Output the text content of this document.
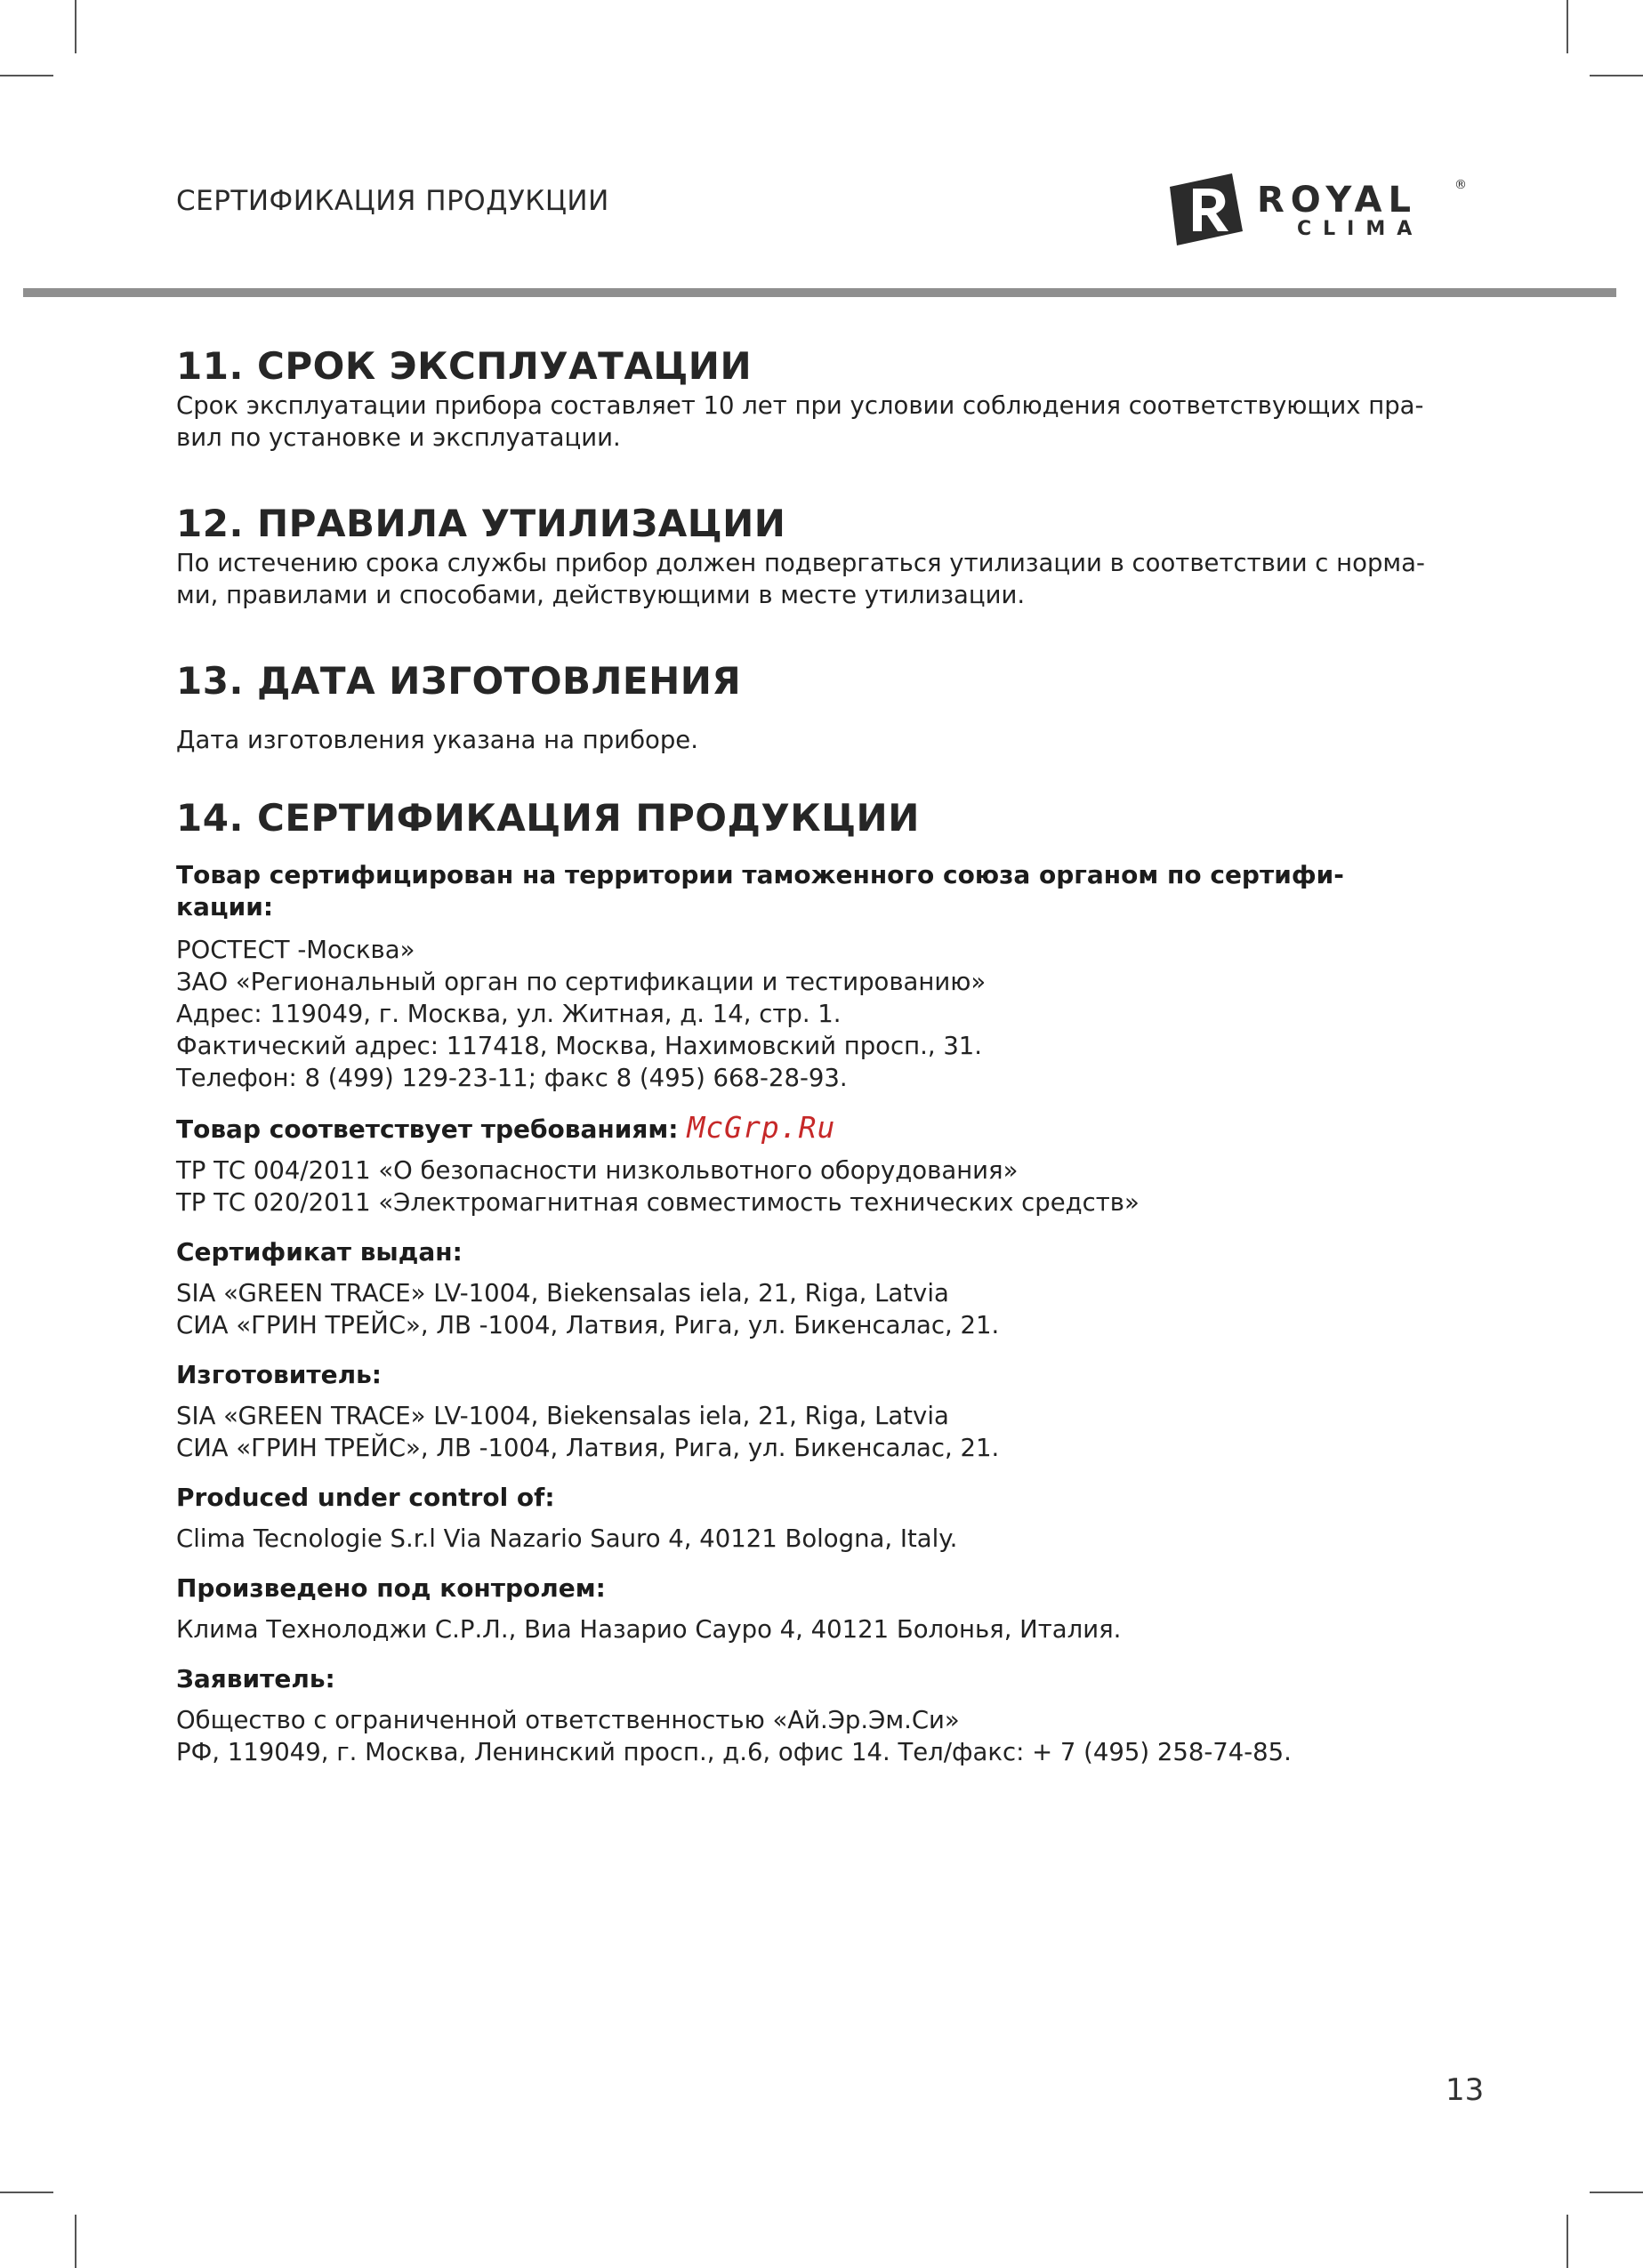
СЕРТИФИКАЦИЯ ПРОДУКЦИИ	ROYAL	®
CLIMA
11. СРОК ЭКСПЛУАТАЦИИ

Срок эксплуатации прибора составляет 10 лет при условии соблюдения соответствующих пра-

вил по установке и эксплуатации.

12. ПРАВИЛА УТИЛИЗАЦИИ

По истечению срока службы прибор должен подвергаться утилизации в соответствии с норма-

ми, правилами и способами, действующими в месте утилизации.

13. ДАТА ИЗГОТОВЛЕНИЯ

Дата изготовления указана на приборе.

14. СЕРТИФИКАЦИЯ ПРОДУКЦИИ

Товар сертифицирован на территории таможенного союза органом по сертифи-

кации:

РОСТЕСТ -Москва»

ЗАО «Региональный орган по сертификации и тестированию»

Адрес: 119049, г. Москва, ул. Житная, д. 14, стр. 1.

Фактический адрес: 117418, Москва, Нахимовский просп., 31.

Телефон: 8 (499) 129-23-11; факс 8 (495) 668-28-93.

Товар соответствует требованиям: McGrp.Ru

ТР ТС 004/2011 «О безопасности низкольвотного оборудования»

ТР ТС 020/2011 «Электромагнитная совместимость технических средств»

Сертификат выдан:

SIA «GREEN TRACE» LV-1004, Biekensalas iela, 21, Riga, Latvia

СИА «ГРИН ТРЕЙС», ЛВ -1004, Латвия, Рига, ул. Бикенсалас, 21.

Изготовитель:

SIA «GREEN TRACE» LV-1004, Biekensalas iela, 21, Riga, Latvia

СИА «ГРИН ТРЕЙС», ЛВ -1004, Латвия, Рига, ул. Бикенсалас, 21.

Produced under control of:

Clima Tecnologie S.r.l Via Nazario Sauro 4, 40121 Bologna, Italy.

Произведено под контролем:

Клима Технолоджи С.Р.Л., Виа Назарио Сауро 4, 40121 Болонья, Италия.

Заявитель:

Общество с ограниченной ответственностью «Ай.Эр.Эм.Си»

РФ, 119049, г. Москва, Ленинский просп., д.6, офис 14. Тел/факс: + 7 (495) 258-74-85.

13
